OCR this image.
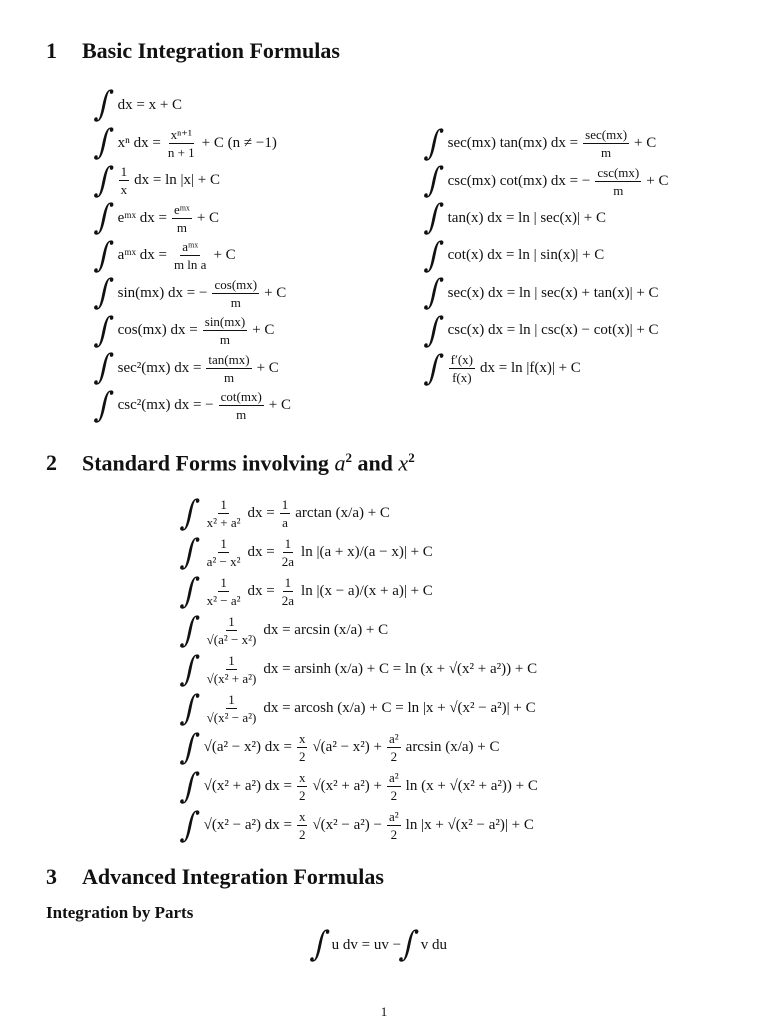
1 Basic Integration Formulas
∫ dx = x + C
∫ xⁿ dx = $\frac{\text{xⁿ⁺¹}}{n + 1} + C$ (n ≠ −1)
∫ $\frac{1}{x}$ dx = ln |x| + C
∫ eᵐˣ dx = $\frac{\text{eᵐˣ}}{m} + C$
∫ aᵐˣ dx = $\frac{\text{aᵐˣ}}{\text{m ln a}} + C$
∫ sin(mx) dx = − $\frac{\cos(mx)}{m} + C$
∫ cos(mx) dx = $\frac{\sin(mx)}{m} + C$
∫ sec²(mx) dx = $\frac{\tan(mx)}{m} + C$
∫ csc²(mx) dx = − $\frac{\cot(mx)}{m} + C$
∫ sec(mx) tan(mx) dx = $\frac{\sec(mx)}{m} + C$
∫ csc(mx) cot(mx) dx = − $\frac{\csc(mx)}{m} + C$
∫ tan(x) dx = ln | sec(x)| + C
∫ cot(x) dx = ln | sin(x)| + C
∫ sec(x) dx = ln | sec(x) + tan(x)| + C
∫ csc(x) dx = ln | csc(x) − cot(x)| + C
∫ $\frac{f'(x)}{f(x)}$ dx = ln |f(x)| + C
2 Standard Forms involving $a^2$ and $x^2$
∫ $\frac{1}{\text{x² + a²}}$ dx = $\frac{1}{a}$ arctan (x/a) + C
∫ $\frac{1}{\text{a² − x²}}$ dx = $\frac{1}{2a}$ ln |(a + x)/(a − x)| + C
∫ $\frac{1}{\text{x² − a²}}$ dx = $\frac{1}{2a}$ ln |(x − a)/(x + a)| + C
∫ $\frac{1}{\text{√(a² − x²)}}$ dx = arcsin (x/a) + C
∫ $\frac{1}{\text{√(x² + a²)}}$ dx = arsinh (x/a) + C = ln (x + √(x² + a²)) + C
∫ $\frac{1}{\text{√(x² − a²)}}$ dx = arcosh (x/a) + C = ln |x + √(x² − a²)| + C
∫ √(a² − x²) dx = $\frac{x}{2} √(a^2 - x^2) + \frac{\text{a²}}{2}$ arcsin (x/a) + C
∫ √(x² + a²) dx = $\frac{x}{2} √(x^2 + a^2) + \frac{\text{a²}}{2}$ ln (x + √(x² + a²)) + C
∫ √(x² − a²) dx = $\frac{x}{2} √(x^2 - a^2) - \frac{\text{a²}}{2}$ ln |x + √(x² − a²)| + C
3 Advanced Integration Formulas
Integration by Parts
∫ u dv = uv −
∫ v du
1
